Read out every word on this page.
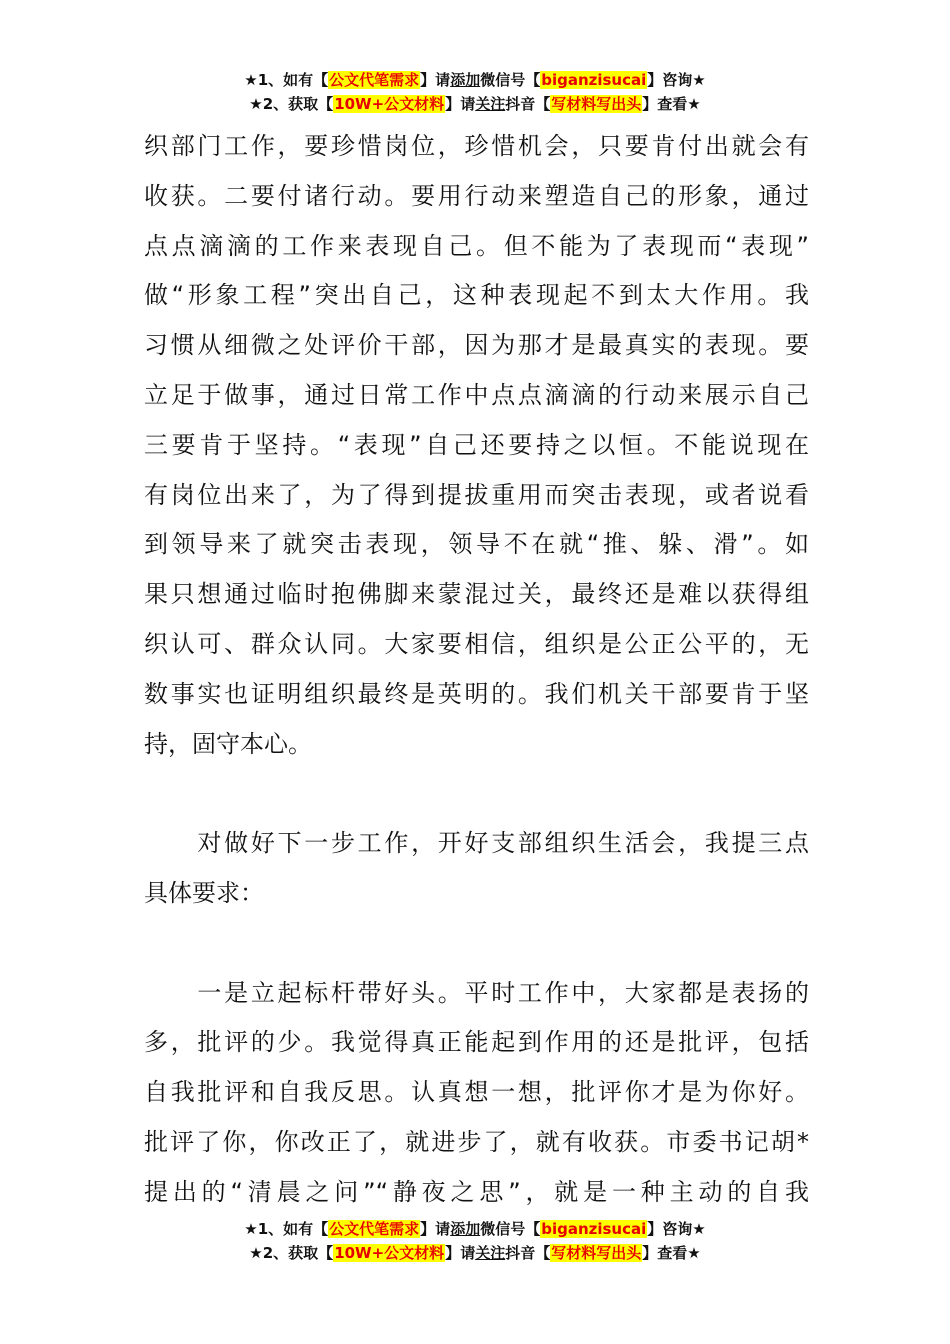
★1、如有【公文代笔需求】请添加微信号【biganzisucai】咨询★
★2、获取【10W+公文材料】请关注抖音【写材料写出头】查看★
织部门工作，要珍惜岗位，珍惜机会，只要肯付出就会有
收获。二要付诸行动。要用行动来塑造自己的形象，通过
点点滴滴的工作来表现自己。但不能为了表现而“表现”
做“形象工程”突出自己，这种表现起不到太大作用。我
习惯从细微之处评价干部，因为那才是最真实的表现。要
立足于做事，通过日常工作中点点滴滴的行动来展示自己
三要肯于坚持。“表现”自己还要持之以恒。不能说现在
有岗位出来了，为了得到提拔重用而突击表现，或者说看
到领导来了就突击表现，领导不在就“推、躲、滑”。如
果只想通过临时抱佛脚来蒙混过关，最终还是难以获得组
织认可、群众认同。大家要相信，组织是公正公平的，无
数事实也证明组织最终是英明的。我们机关干部要肯于坚
持，固守本心。
　　对做好下一步工作，开好支部组织生活会，我提三点
具体要求：
　　一是立起标杆带好头。平时工作中，大家都是表扬的
多，批评的少。我觉得真正能起到作用的还是批评，包括
自我批评和自我反思。认真想一想，批评你才是为你好。
批评了你，你改正了，就进步了，就有收获。市委书记胡*
提出的“清晨之问”“静夜之思”，就是一种主动的自我
★1、如有【公文代笔需求】请添加微信号【biganzisucai】咨询★
★2、获取【10W+公文材料】请关注抖音【写材料写出头】查看★
